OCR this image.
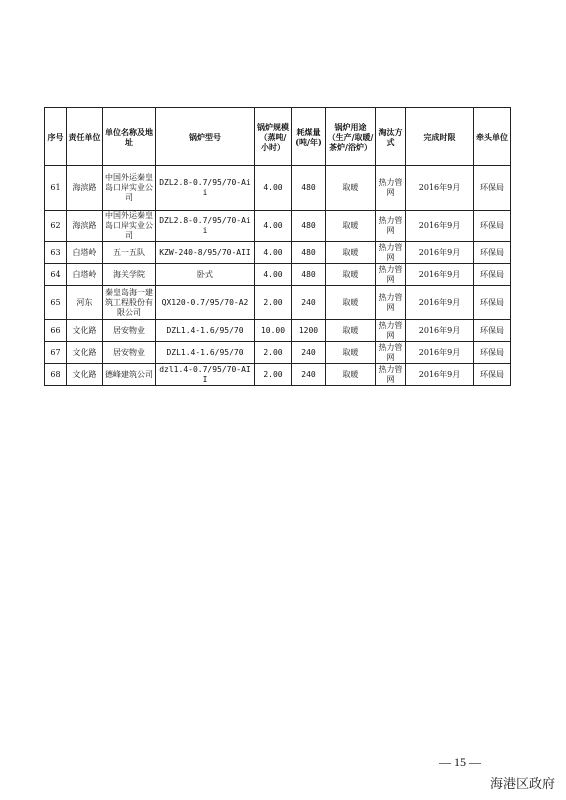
序号	责任单位	单位名称及地址	锅炉型号	锅炉规模（蒸吨/小时）	耗煤量(吨/年)	锅炉用途（生产/取暖/茶炉/浴炉）	淘汰方式	完成时限	牵头单位
61	海滨路	中国外运秦皇岛口岸实业公司	DZL2.8-0.7/95/70-Aii	4.00	480	取暖	热力管网	2016年9月	环保局
62	海滨路	中国外运秦皇岛口岸实业公司	DZL2.8-0.7/95/70-Aii	4.00	480	取暖	热力管网	2016年9月	环保局
63	白塔岭	五一五队	KZW-240-8/95/70-AII	4.00	480	取暖	热力管网	2016年9月	环保局
64	白塔岭	海关学院	卧式	4.00	480	取暖	热力管网	2016年9月	环保局
65	河东	秦皇岛海一建筑工程股份有限公司	QX120-0.7/95/70-A2	2.00	240	取暖	热力管网	2016年9月	环保局
66	文化路	居安物业	DZL1.4-1.6/95/70	10.00	1200	取暖	热力管网	2016年9月	环保局
67	文化路	居安物业	DZL1.4-1.6/95/70	2.00	240	取暖	热力管网	2016年9月	环保局
68	文化路	德峰建筑公司	dzl1.4-0.7/95/70-AII	2.00	240	取暖	热力管网	2016年9月	环保局
— 15 —
海港区政府
